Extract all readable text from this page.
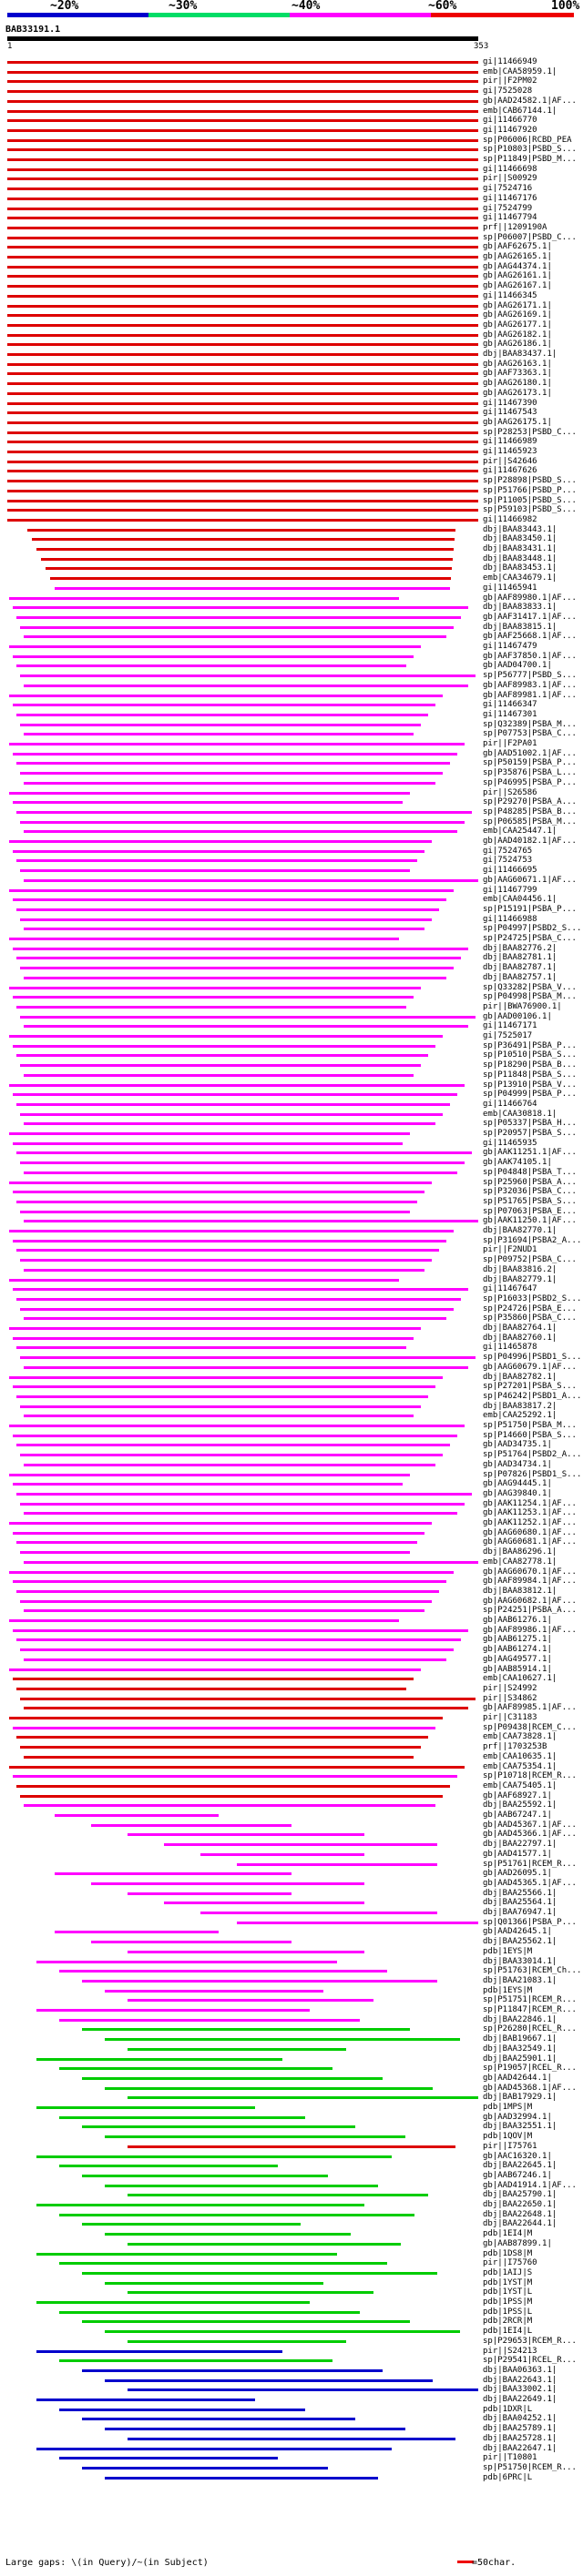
~20%	~30%	~40%	~60%	100%
BAB33191.1
1	353
gi|11466949
emb|CAA58959.1|
pir||F2PM02
gi|7525028
gb|AAD24582.1|AF...
emb|CAB67144.1|
gi|11466770
gi|11467920
sp|P06006|RCBD_PEA
sp|P10803|PSBD_S...
sp|P11849|PSBD_M...
gi|11466698
pir||S00929
gi|7524716
gi|11467176
gi|7524799
gi|11467794
prf||1209190A
sp|P06007|PSBD_C...
gb|AAF62675.1|
gb|AAG26165.1|
gb|AAG44374.1|
gb|AAG26161.1|
gb|AAG26167.1|
gi|11466345
gb|AAG26171.1|
gb|AAG26169.1|
gb|AAG26177.1|
gb|AAG26182.1|
gb|AAG26186.1|
dbj|BAA83437.1|
gb|AAG26163.1|
gb|AAF73363.1|
gb|AAG26180.1|
gb|AAG26173.1|
gi|11467390
gi|11467543
gb|AAG26175.1|
sp|P28253|PSBD_C...
gi|11466989
gi|11465923
pir||S42646
gi|11467626
sp|P28898|PSBD_S...
sp|P51766|PSBD_P...
sp|P11005|PSBD_S...
sp|P59103|PSBD_S...
gi|11466982
dbj|BAA83443.1|
dbj|BAA83450.1|
dbj|BAA83431.1|
dbj|BAA83448.1|
dbj|BAA83453.1|
emb|CAA34679.1|
gi|11465941
gb|AAF89980.1|AF...
dbj|BAA83833.1|
gb|AAF31417.1|AF...
dbj|BAA83815.1|
gb|AAF25668.1|AF...
gi|11467479
gb|AAF37850.1|AF...
gb|AAD04700.1|
sp|P56777|PSBD_S...
gb|AAF89983.1|AF...
gb|AAF89981.1|AF...
gi|11466347
gi|11467301
sp|Q32389|PSBA_M...
sp|P07753|PSBA_C...
pir||F2PA01
gb|AAD51002.1|AF...
sp|P50159|PSBA_P...
sp|P35876|PSBA_L...
sp|P46995|PSBA_P...
pir||S26586
sp|P29270|PSBA_A...
sp|P48285|PSBA_B...
sp|P06585|PSBA_M...
emb|CAA25447.1|
gb|AAD40182.1|AF...
gi|7524765
gi|7524753
gi|11466695
gb|AAG60671.1|AF...
gi|11467799
emb|CAA04456.1|
sp|P15191|PSBA_P...
gi|11466988
sp|P04997|PSBD2_S...
sp|P24725|PSBA_C...
dbj|BAA82776.2|
dbj|BAA82781.1|
dbj|BAA82787.1|
dbj|BAA82757.1|
sp|Q33282|PSBA_V...
sp|P04998|PSBA_M...
pir||BWA76900.1|
gb|AAD00106.1|
gi|11467171
gi|7525017
sp|P36491|PSBA_P...
sp|P10510|PSBA_S...
sp|P18290|PSBA_B...
sp|P11848|PSBA_S...
sp|P13910|PSBA_V...
sp|P04999|PSBA_P...
gi|11466764
emb|CAA30818.1|
sp|P05337|PSBA_H...
sp|P20957|PSBA_S...
gi|11465935
gb|AAK11251.1|AF...
gb|AAK74105.1|
sp|P04848|PSBA_T...
sp|P25960|PSBA_A...
sp|P32036|PSBA_C...
sp|P51765|PSBA_S...
sp|P07063|PSBA_E...
gb|AAK11250.1|AF...
dbj|BAA82770.1|
sp|P31694|PSBA2_A...
pir||F2NUD1
sp|P09752|PSBA_C...
dbj|BAA83816.2|
dbj|BAA82779.1|
gi|11467647
sp|P16033|PSBD2_S...
sp|P24726|PSBA_E...
sp|P35860|PSBA_C...
dbj|BAA82764.1|
dbj|BAA82760.1|
gi|11465878
sp|P04996|PSBD1_S...
gb|AAG60679.1|AF...
dbj|BAA82782.1|
sp|P27201|PSBA_S...
sp|P46242|PSBD1_A...
dbj|BAA83817.2|
emb|CAA25292.1|
sp|P51750|PSBA_M...
sp|P14660|PSBA_S...
gb|AAD34735.1|
sp|P51764|PSBD2_A...
gb|AAD34734.1|
sp|P07826|PSBD1_S...
gb|AAG94445.1|
gb|AAG39840.1|
gb|AAK11254.1|AF...
gb|AAK11253.1|AF...
gb|AAK11252.1|AF...
gb|AAG60680.1|AF...
gb|AAG60681.1|AF...
dbj|BAA86296.1|
emb|CAA82778.1|
gb|AAG60670.1|AF...
gb|AAF89984.1|AF...
dbj|BAA83812.1|
gb|AAG60682.1|AF...
sp|P24251|PSBA_A...
gb|AAB61276.1|
gb|AAF89986.1|AF...
gb|AAB61275.1|
gb|AAB61274.1|
gb|AAG49577.1|
gb|AAB85914.1|
emb|CAA10627.1|
pir||S24992
pir||S34862
gb|AAF89985.1|AF...
pir||C31183
sp|P09438|RCEM_C...
emb|CAA73828.1|
prf||1703253B
emb|CAA10635.1|
emb|CAA75354.1|
sp|P10718|RCEM_R...
emb|CAA75405.1|
gb|AAF68927.1|
dbj|BAA25592.1|
gb|AAB67247.1|
gb|AAD45367.1|AF...
gb|AAD45366.1|AF...
dbj|BAA22797.1|
gb|AAD41577.1|
sp|P51761|RCEM_R...
gb|AAD26095.1|
gb|AAD45365.1|AF...
dbj|BAA25566.1|
dbj|BAA25564.1|
dbj|BAA76947.1|
sp|Q01366|PSBA_P...
gb|AAD42645.1|
dbj|BAA25562.1|
pdb|1EYS|M
dbj|BAA33014.1|
sp|P51763|RCEM_Ch...
dbj|BAA21083.1|
pdb|1EYS|M
sp|P51751|RCEM_R...
sp|P11847|RCEM_R...
dbj|BAA22846.1|
sp|P26280|RCEL_R...
dbj|BAB19667.1|
dbj|BAA32549.1|
dbj|BAA25901.1|
sp|P19057|RCEL_R...
gb|AAD42644.1|
gb|AAD45368.1|AF...
dbj|BAB17929.1|
pdb|1MPS|M
gb|AAD32994.1|
dbj|BAA32551.1|
pdb|1QOV|M
pir||I75761
gb|AAC16320.1|
dbj|BAA22645.1|
gb|AAB67246.1|
gb|AAD41914.1|AF...
dbj|BAA25790.1|
dbj|BAA22650.1|
dbj|BAA22648.1|
dbj|BAA22644.1|
pdb|1EI4|M
gb|AAB87899.1|
pdb|1DS8|M
pir||I75760
pdb|1AIJ|S
pdb|1YST|M
pdb|1YST|L
pdb|1PSS|M
pdb|1PSS|L
pdb|2RCR|M
pdb|1EI4|L
sp|P29653|RCEM_R...
pir||S24213
sp|P29541|RCEL_R...
dbj|BAA06363.1|
dbj|BAA22643.1|
dbj|BAA33002.1|
dbj|BAA22649.1|
pdb|1DXR|L
dbj|BAA04252.1|
dbj|BAA25789.1|
dbj|BAA25728.1|
dbj|BAA22647.1|
pir||T10801
sp|P51750|RCEM_R...
pdb|6PRC|L
Large gaps: \(in Query)/~(in Subject)	=50char.
